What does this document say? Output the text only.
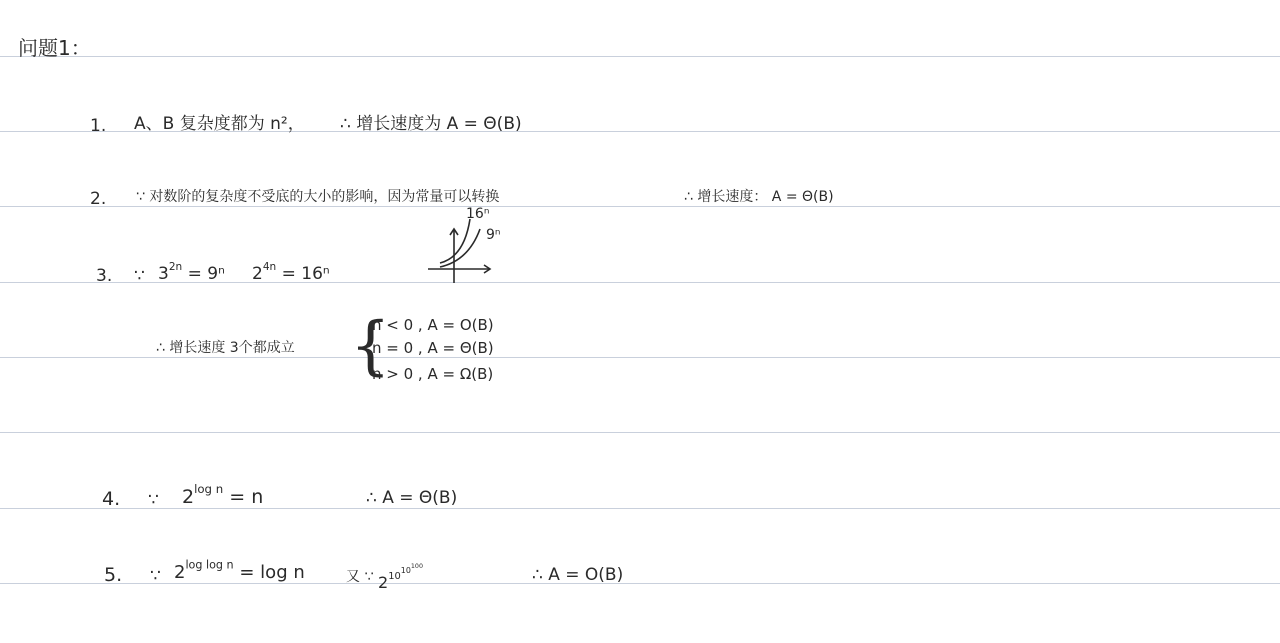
问题1：
1. A、B 复杂度都为 n²， ∴ 增长速度为 A = Θ(B)
2. ∵ 对数阶的复杂度不受底的大小的影响，因为常量可以转换	∴ 增长速度： A = Θ(B)
3. ∵ $3^{2n} = 9^n$ $2^{4n} = 16^n$
16ⁿ
9ⁿ
∴ 增长速度 3个都成立 {
n < 0 , A = O(B)
n = 0 , A = Θ(B)
n > 0 , A = Ω(B)
4. ∵ $2^{log n} = n$	∴ A = Θ(B)
5. ∵ $2^{log log n} = \log n$	又 ∵ $2^{10^{10^{100}}}$	∴ A = O(B)
